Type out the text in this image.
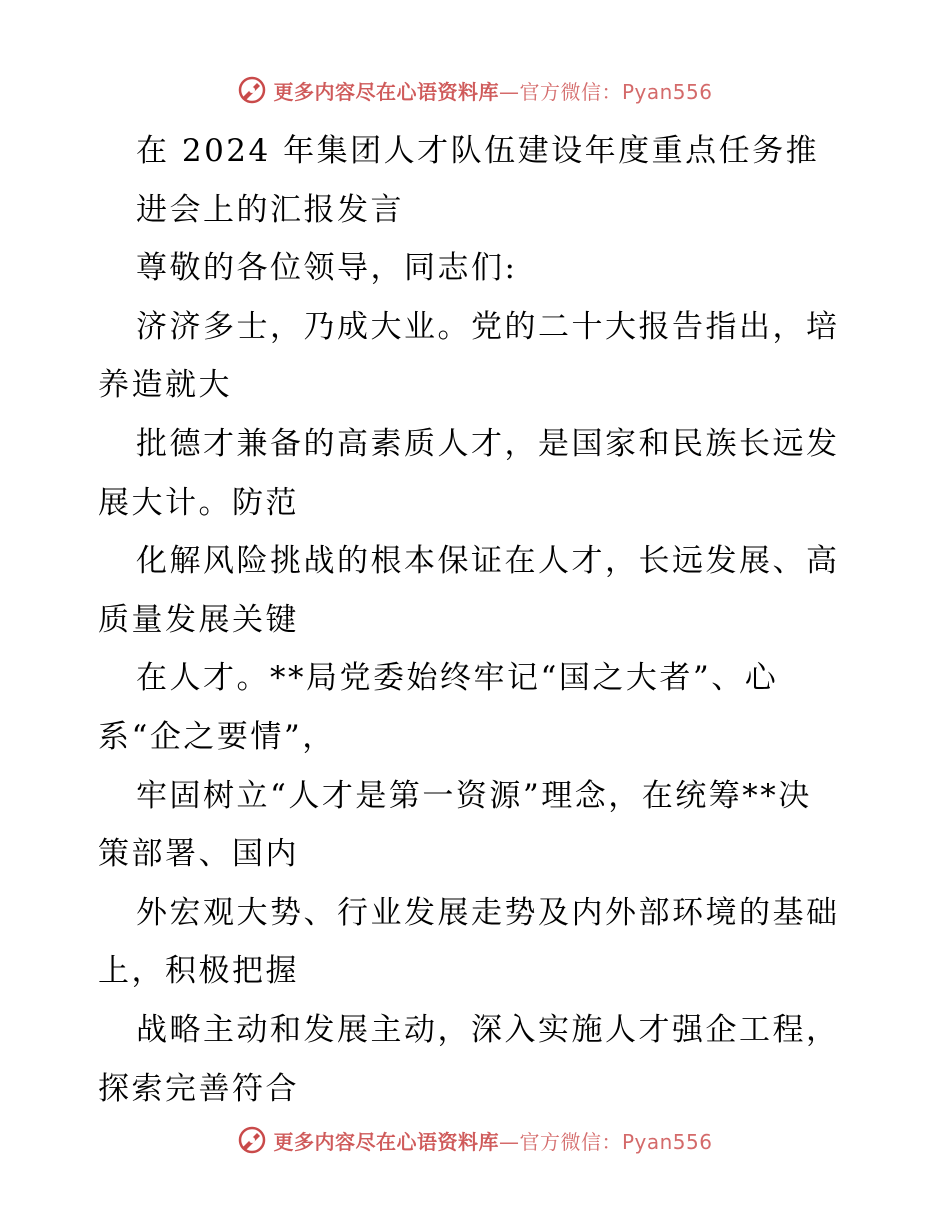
更多内容尽在心语资料库—官方微信：Pyan556
在 2024 年集团人才队伍建设年度重点任务推
进会上的汇报发言
尊敬的各位领导，同志们:
济济多士，乃成大业。党的二十大报告指出，培
养造就大
批德才兼备的高素质人才，是国家和民族长远发
展大计。防范
化解风险挑战的根本保证在人才，长远发展、高
质量发展关键
在人才。**局党委始终牢记“国之大者”、心
系“企之要情”，
牢固树立“人才是第一资源”理念，在统筹**决
策部署、国内
外宏观大势、行业发展走势及内外部环境的基础
上，积极把握
战略主动和发展主动，深入实施人才强企工程，
探索完善符合
更多内容尽在心语资料库—官方微信：Pyan556
